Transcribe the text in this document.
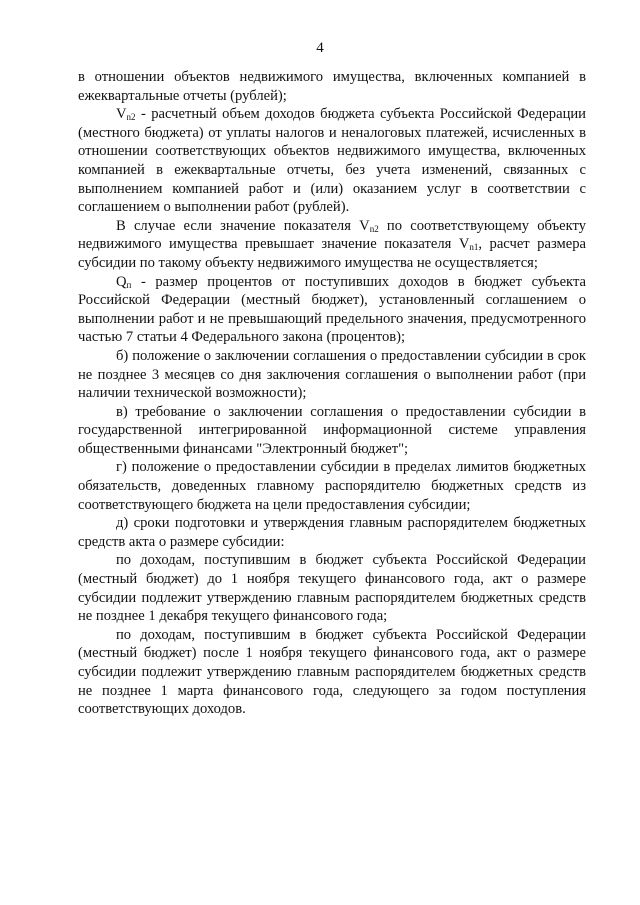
4

в отношении объектов недвижимого имущества, включенных компанией в ежеквартальные отчеты (рублей);

$V_{n2}$ - расчетный объем доходов бюджета субъекта Российской Федерации (местного бюджета) от уплаты налогов и неналоговых платежей, исчисленных в отношении соответствующих объектов недвижимого имущества, включенных компанией в ежеквартальные отчеты, без учета изменений, связанных с выполнением компанией работ и (или) оказанием услуг в соответствии с соглашением о выполнении работ (рублей).

В случае если значение показателя $V_{n2}$ по соответствующему объекту недвижимого имущества превышает значение показателя $V_{n1}$, расчет размера субсидии по такому объекту недвижимого имущества не осуществляется;

$Q_п$ - размер процентов от поступивших доходов в бюджет субъекта Российской Федерации (местный бюджет), установленный соглашением о выполнении работ и не превышающий предельного значения, предусмотренного частью 7 статьи 4 Федерального закона (процентов);

б) положение о заключении соглашения о предоставлении субсидии в срок не позднее 3 месяцев со дня заключения соглашения о выполнении работ (при наличии технической возможности);

в) требование о заключении соглашения о предоставлении субсидии в государственной интегрированной информационной системе управления общественными финансами "Электронный бюджет";

г) положение о предоставлении субсидии в пределах лимитов бюджетных обязательств, доведенных главному распорядителю бюджетных средств из соответствующего бюджета на цели предоставления субсидии;

д) сроки подготовки и утверждения главным распорядителем бюджетных средств акта о размере субсидии:

по доходам, поступившим в бюджет субъекта Российской Федерации (местный бюджет) до 1 ноября текущего финансового года, акт о размере субсидии подлежит утверждению главным распорядителем бюджетных средств не позднее 1 декабря текущего финансового года;

по доходам, поступившим в бюджет субъекта Российской Федерации (местный бюджет) после 1 ноября текущего финансового года, акт о размере субсидии подлежит утверждению главным распорядителем бюджетных средств не позднее 1 марта финансового года, следующего за годом поступления соответствующих доходов.
